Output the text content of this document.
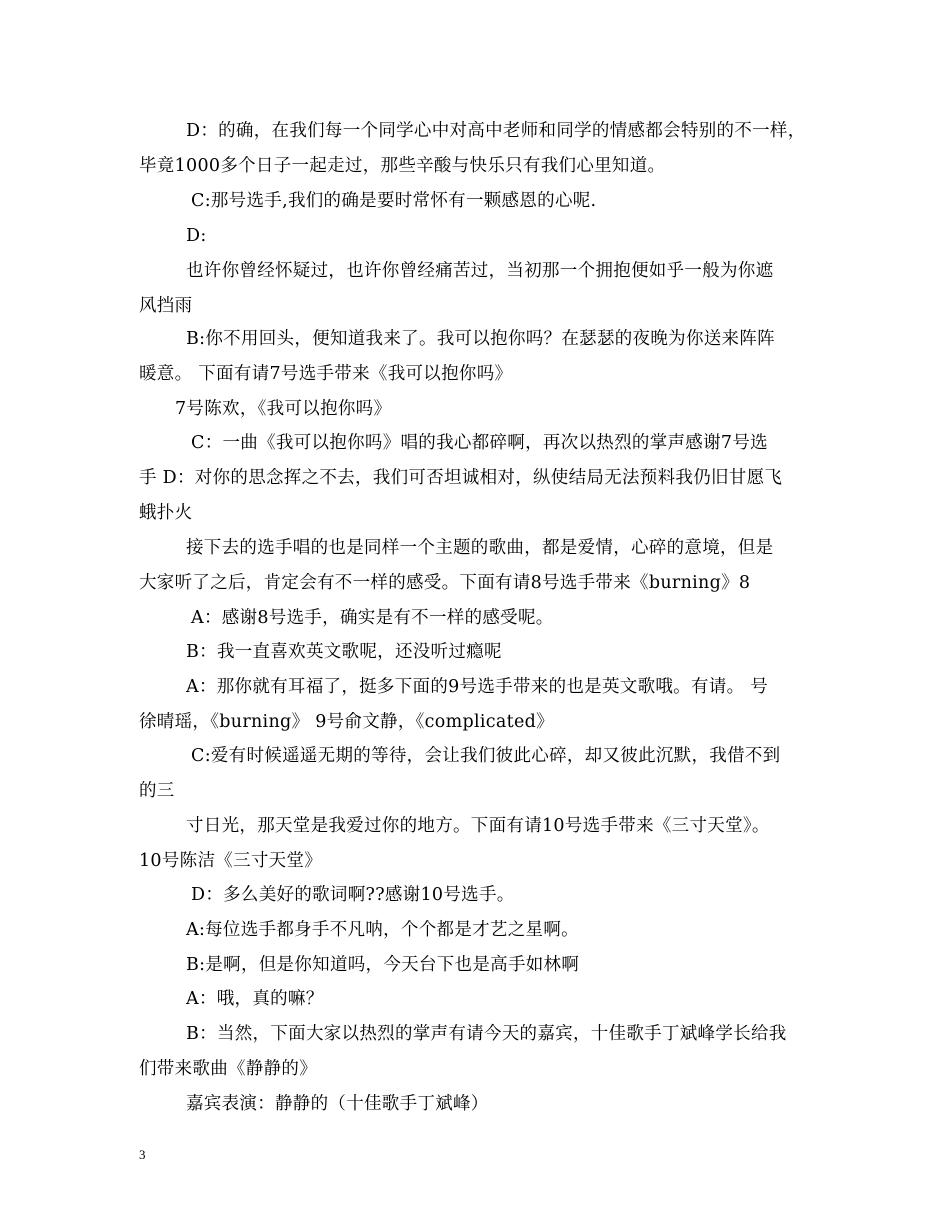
D：的确，在我们每一个同学心中对高中老师和同学的情感都会特别的不一样，
毕竟1000多个日子一起走过，那些辛酸与快乐只有我们心里知道。
C:那号选手,我们的确是要时常怀有一颗感恩的心呢.
D:
也许你曾经怀疑过，也许你曾经痛苦过，当初那一个拥抱便如乎一般为你遮
风挡雨
B:你不用回头，便知道我来了。我可以抱你吗？在瑟瑟的夜晚为你送来阵阵
暖意。 下面有请7号选手带来《我可以抱你吗》
7号陈欢，《我可以抱你吗》
C：一曲《我可以抱你吗》唱的我心都碎啊，再次以热烈的掌声感谢7号选
手 D：对你的思念挥之不去，我们可否坦诚相对，纵使结局无法预料我仍旧甘愿飞
蛾扑火
接下去的选手唱的也是同样一个主题的歌曲，都是爱情，心碎的意境，但是
大家听了之后，肯定会有不一样的感受。下面有请8号选手带来《burning》8
A：感谢8号选手，确实是有不一样的感受呢。
B：我一直喜欢英文歌呢，还没听过瘾呢
A：那你就有耳福了，挺多下面的9号选手带来的也是英文歌哦。有请。 号
徐晴瑶，《burning》 9号俞文静，《complicated》
C:爱有时候遥遥无期的等待，会让我们彼此心碎，却又彼此沉默，我借不到
的三
寸日光，那天堂是我爱过你的地方。下面有请10号选手带来《三寸天堂》。
10号陈洁《三寸天堂》
D：多么美好的歌词啊??感谢10号选手。
A:每位选手都身手不凡呐，个个都是才艺之星啊。
B:是啊，但是你知道吗，今天台下也是高手如林啊
A：哦，真的嘛？
B：当然，下面大家以热烈的掌声有请今天的嘉宾，十佳歌手丁斌峰学长给我
们带来歌曲《静静的》
嘉宾表演：静静的（十佳歌手丁斌峰）
3
